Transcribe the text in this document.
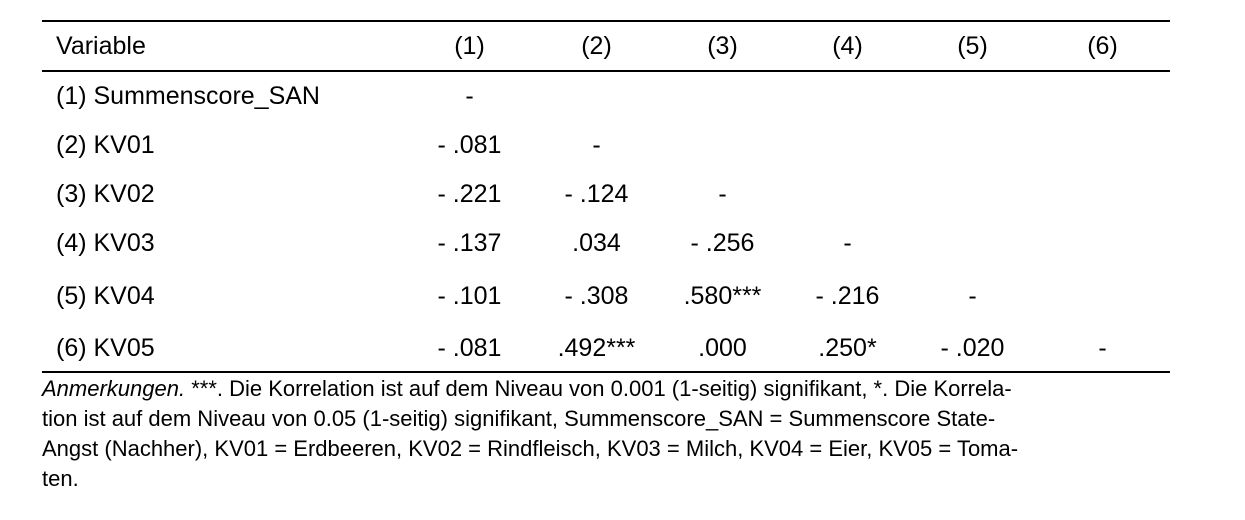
Variable	(1)	(2)	(3)	(4)	(5)	(6)
(1) Summenscore_SAN	-					
(2) KV01	- .081	-				
(3) KV02	- .221	- .124	-			
(4) KV03	- .137	.034	- .256	-		
(5) KV04	- .101	- .308	.580***	- .216	-	
(6) KV05	- .081	.492***	.000	.250*	- .020	-
Anmerkungen. ***. Die Korrelation ist auf dem Niveau von 0.001 (1-seitig) signifikant, *. Die Korrela-
tion ist auf dem Niveau von 0.05 (1-seitig) signifikant, Summenscore_SAN = Summenscore State-
Angst (Nachher), KV01 = Erdbeeren, KV02 = Rindfleisch, KV03 = Milch, KV04 = Eier, KV05 = Toma-
ten.
